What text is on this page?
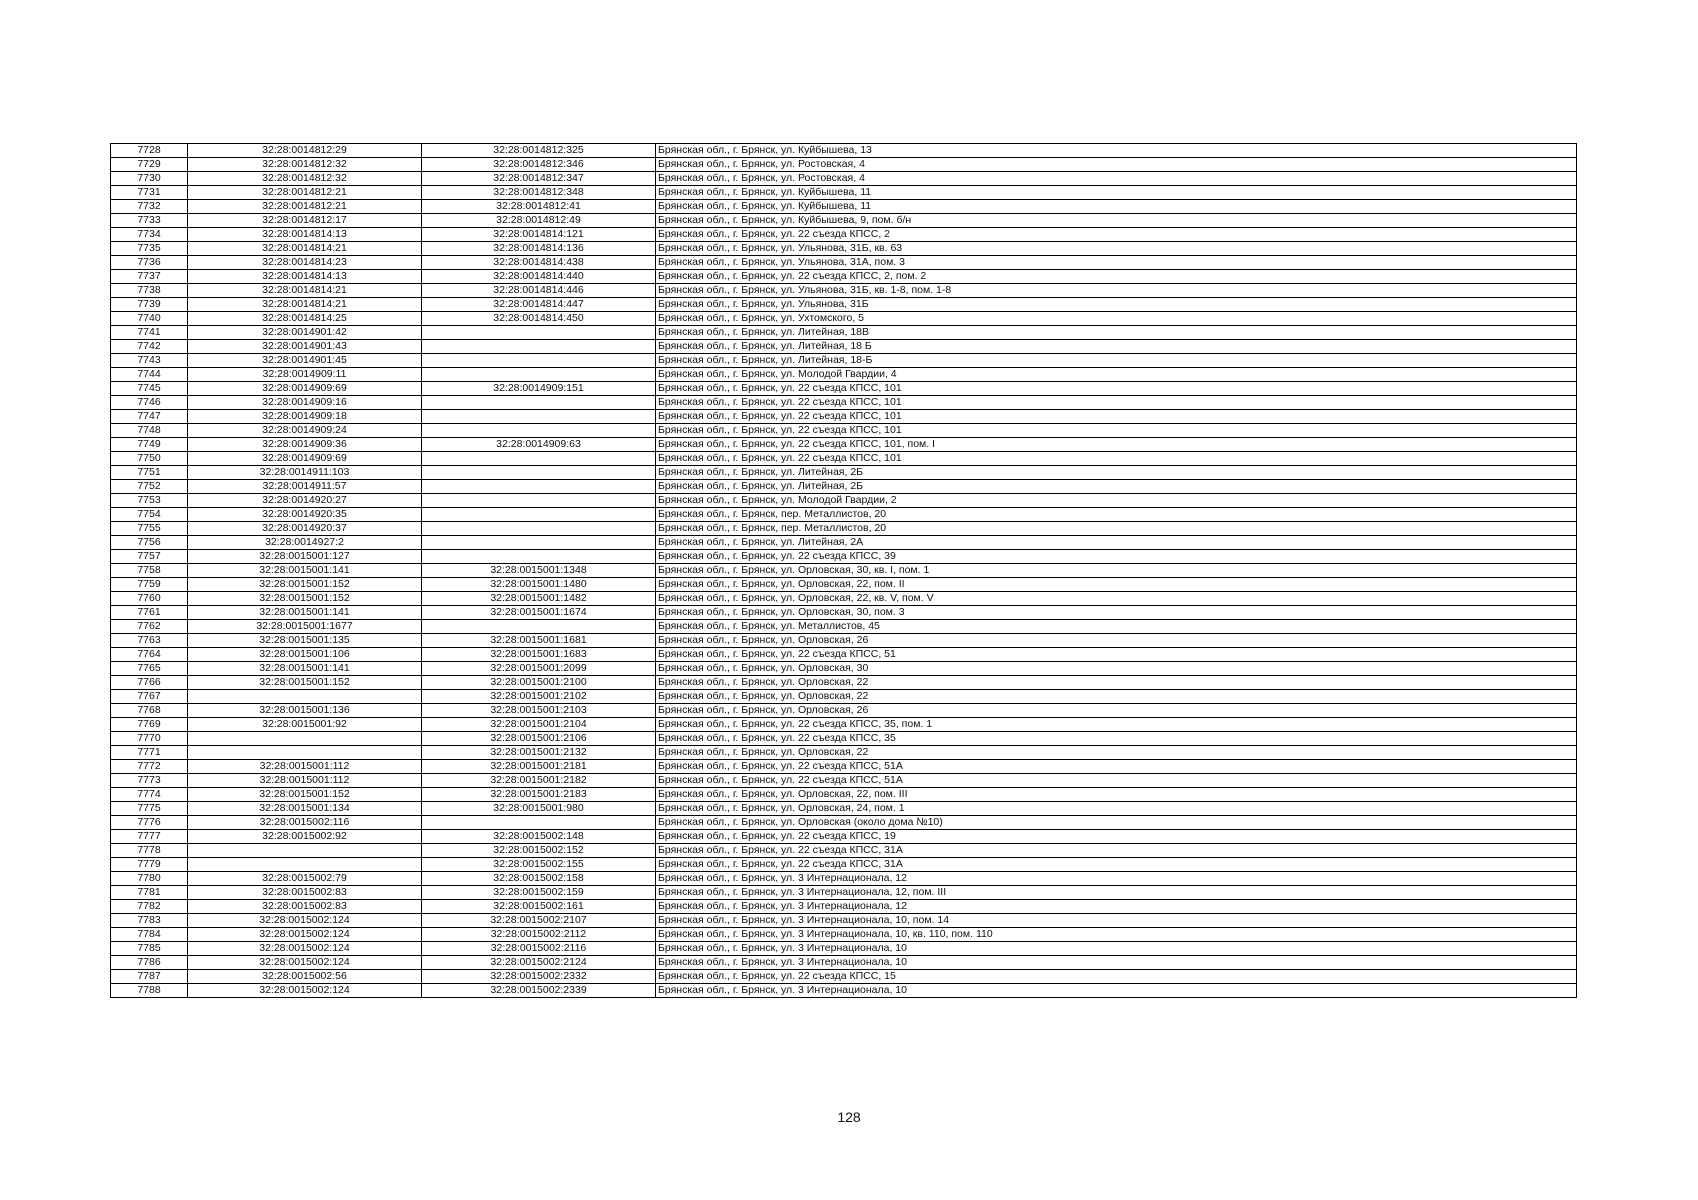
7728	32:28:0014812:29	32:28:0014812:325	Брянская обл., г. Брянск, ул. Куйбышева, 13
7729	32:28:0014812:32	32:28:0014812:346	Брянская обл., г. Брянск, ул. Ростовская, 4
7730	32:28:0014812:32	32:28:0014812:347	Брянская обл., г. Брянск, ул. Ростовская, 4
7731	32:28:0014812:21	32:28:0014812:348	Брянская обл., г. Брянск, ул. Куйбышева, 11
7732	32:28:0014812:21	32:28:0014812:41	Брянская обл., г. Брянск, ул. Куйбышева, 11
7733	32:28:0014812:17	32:28:0014812:49	Брянская обл., г. Брянск, ул. Куйбышева, 9, пом. б/н
7734	32:28:0014814:13	32:28:0014814:121	Брянская обл., г. Брянск, ул. 22 съезда КПСС, 2
7735	32:28:0014814:21	32:28:0014814:136	Брянская обл., г. Брянск, ул. Ульянова, 31Б, кв. 63
7736	32:28:0014814:23	32:28:0014814:438	Брянская обл., г. Брянск, ул. Ульянова, 31А, пом. 3
7737	32:28:0014814:13	32:28:0014814:440	Брянская обл., г. Брянск, ул. 22 съезда КПСС, 2, пом. 2
7738	32:28:0014814:21	32:28:0014814:446	Брянская обл., г. Брянск, ул. Ульянова, 31Б, кв. 1-8, пом. 1-8
7739	32:28:0014814:21	32:28:0014814:447	Брянская обл., г. Брянск, ул. Ульянова, 31Б
7740	32:28:0014814:25	32:28:0014814:450	Брянская обл., г. Брянск, ул. Ухтомского, 5
7741	32:28:0014901:42		Брянская обл., г. Брянск, ул. Литейная, 18В
7742	32:28:0014901:43		Брянская обл., г. Брянск, ул. Литейная, 18 Б
7743	32:28:0014901:45		Брянская обл., г. Брянск, ул. Литейная, 18-Б
7744	32:28:0014909:11		Брянская обл., г. Брянск, ул. Молодой Гвардии, 4
7745	32:28:0014909:69	32:28:0014909:151	Брянская обл., г. Брянск, ул. 22 съезда КПСС, 101
7746	32:28:0014909:16		Брянская обл., г. Брянск, ул. 22 съезда КПСС, 101
7747	32:28:0014909:18		Брянская обл., г. Брянск, ул. 22 съезда КПСС, 101
7748	32:28:0014909:24		Брянская обл., г. Брянск, ул. 22 съезда КПСС, 101
7749	32:28:0014909:36	32:28:0014909:63	Брянская обл., г. Брянск, ул. 22 съезда КПСС, 101, пом. I
7750	32:28:0014909:69		Брянская обл., г. Брянск, ул. 22 съезда КПСС, 101
7751	32:28:0014911:103		Брянская обл., г. Брянск, ул. Литейная, 2Б
7752	32:28:0014911:57		Брянская обл., г. Брянск, ул. Литейная, 2Б
7753	32:28:0014920:27		Брянская обл., г. Брянск, ул. Молодой Гвардии, 2
7754	32:28:0014920:35		Брянская обл., г. Брянск, пер. Металлистов, 20
7755	32:28:0014920:37		Брянская обл., г. Брянск, пер. Металлистов, 20
7756	32:28:0014927:2		Брянская обл., г. Брянск, ул. Литейная, 2А
7757	32:28:0015001:127		Брянская обл., г. Брянск, ул. 22 съезда КПСС, 39
7758	32:28:0015001:141	32:28:0015001:1348	Брянская обл., г. Брянск, ул. Орловская, 30, кв. I, пом. 1
7759	32:28:0015001:152	32:28:0015001:1480	Брянская обл., г. Брянск, ул. Орловская, 22, пом. II
7760	32:28:0015001:152	32:28:0015001:1482	Брянская обл., г. Брянск, ул. Орловская, 22, кв. V, пом. V
7761	32:28:0015001:141	32:28:0015001:1674	Брянская обл., г. Брянск, ул. Орловская, 30, пом. 3
7762	32:28:0015001:1677		Брянская обл., г. Брянск, ул. Металлистов, 45
7763	32:28:0015001:135	32:28:0015001:1681	Брянская обл., г. Брянск, ул. Орловская, 26
7764	32:28:0015001:106	32:28:0015001:1683	Брянская обл., г. Брянск, ул. 22 съезда КПСС, 51
7765	32:28:0015001:141	32:28:0015001:2099	Брянская обл., г. Брянск, ул. Орловская, 30
7766	32:28:0015001:152	32:28:0015001:2100	Брянская обл., г. Брянск, ул. Орловская, 22
7767		32:28:0015001:2102	Брянская обл., г. Брянск, ул. Орловская, 22
7768	32:28:0015001:136	32:28:0015001:2103	Брянская обл., г. Брянск, ул. Орловская, 26
7769	32:28:0015001:92	32:28:0015001:2104	Брянская обл., г. Брянск, ул. 22 съезда КПСС, 35, пом. 1
7770		32:28:0015001:2106	Брянская обл., г. Брянск, ул. 22 съезда КПСС, 35
7771		32:28:0015001:2132	Брянская обл., г. Брянск, ул. Орловская, 22
7772	32:28:0015001:112	32:28:0015001:2181	Брянская обл., г. Брянск, ул. 22 съезда КПСС, 51А
7773	32:28:0015001:112	32:28:0015001:2182	Брянская обл., г. Брянск, ул. 22 съезда КПСС, 51А
7774	32:28:0015001:152	32:28:0015001:2183	Брянская обл., г. Брянск, ул. Орловская, 22, пом. III
7775	32:28:0015001:134	32:28:0015001:980	Брянская обл., г. Брянск, ул. Орловская, 24, пом. 1
7776	32:28:0015002:116		Брянская обл., г. Брянск, ул. Орловская (около дома №10)
7777	32:28:0015002:92	32:28:0015002:148	Брянская обл., г. Брянск, ул. 22 съезда КПСС, 19
7778		32:28:0015002:152	Брянская обл., г. Брянск, ул. 22 съезда КПСС, 31А
7779		32:28:0015002:155	Брянская обл., г. Брянск, ул. 22 съезда КПСС, 31А
7780	32:28:0015002:79	32:28:0015002:158	Брянская обл., г. Брянск, ул. 3 Интернационала, 12
7781	32:28:0015002:83	32:28:0015002:159	Брянская обл., г. Брянск, ул. 3 Интернационала, 12, пом. III
7782	32:28:0015002:83	32:28:0015002:161	Брянская обл., г. Брянск, ул. 3 Интернационала, 12
7783	32:28:0015002:124	32:28:0015002:2107	Брянская обл., г. Брянск, ул. 3 Интернационала, 10, пом. 14
7784	32:28:0015002:124	32:28:0015002:2112	Брянская обл., г. Брянск, ул. 3 Интернационала, 10, кв. 110, пом. 110
7785	32:28:0015002:124	32:28:0015002:2116	Брянская обл., г. Брянск, ул. 3 Интернационала, 10
7786	32:28:0015002:124	32:28:0015002:2124	Брянская обл., г. Брянск, ул. 3 Интернационала, 10
7787	32:28:0015002:56	32:28:0015002:2332	Брянская обл., г. Брянск, ул. 22 съезда КПСС, 15
7788	32:28:0015002:124	32:28:0015002:2339	Брянская обл., г. Брянск, ул. 3 Интернационала, 10
128
